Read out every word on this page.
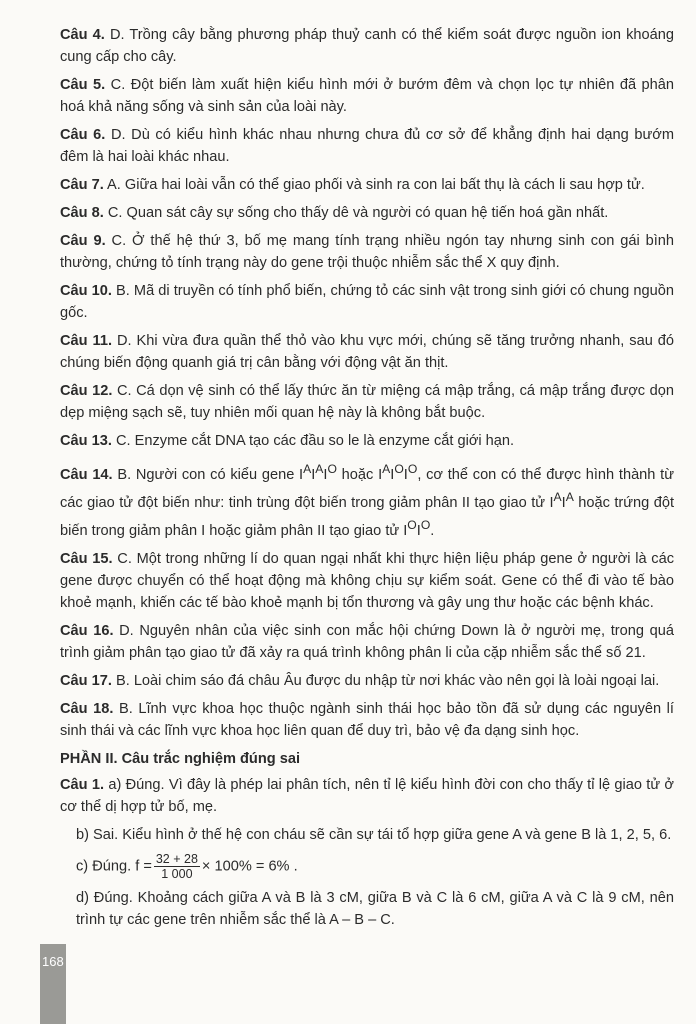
Câu 4. D. Trồng cây bằng phương pháp thuỷ canh có thể kiểm soát được nguồn ion khoáng cung cấp cho cây.

Câu 5. C. Đột biến làm xuất hiện kiểu hình mới ở bướm đêm và chọn lọc tự nhiên đã phân hoá khả năng sống và sinh sản của loài này.

Câu 6. D. Dù có kiểu hình khác nhau nhưng chưa đủ cơ sở để khẳng định hai dạng bướm đêm là hai loài khác nhau.

Câu 7. A. Giữa hai loài vẫn có thể giao phối và sinh ra con lai bất thụ là cách li sau hợp tử.

Câu 8. C. Quan sát cây sự sống cho thấy dê và người có quan hệ tiến hoá gần nhất.

Câu 9. C. Ở thế hệ thứ 3, bố mẹ mang tính trạng nhiều ngón tay nhưng sinh con gái bình thường, chứng tỏ tính trạng này do gene trội thuộc nhiễm sắc thể X quy định.

Câu 10. B. Mã di truyền có tính phổ biến, chứng tỏ các sinh vật trong sinh giới có chung nguồn gốc.

Câu 11. D. Khi vừa đưa quần thể thỏ vào khu vực mới, chúng sẽ tăng trưởng nhanh, sau đó chúng biến động quanh giá trị cân bằng với động vật ăn thịt.

Câu 12. C. Cá dọn vệ sinh có thể lấy thức ăn từ miệng cá mập trắng, cá mập trắng được dọn dẹp miệng sạch sẽ, tuy nhiên mối quan hệ này là không bắt buộc.

Câu 13. C. Enzyme cắt DNA tạo các đầu so le là enzyme cắt giới hạn.

Câu 14. B. Người con có kiểu gene $I^AI^AI^O$ hoặc $I^AI^OI^O$, cơ thể con có thể được hình thành từ các giao tử đột biến như: tinh trùng đột biến trong giảm phân II tạo giao tử $I^AI^A$ hoặc trứng đột biến trong giảm phân I hoặc giảm phân II tạo giao tử $I^OI^O$.

Câu 15. C. Một trong những lí do quan ngại nhất khi thực hiện liệu pháp gene ở người là các gene được chuyển có thể hoạt động mà không chịu sự kiểm soát. Gene có thể đi vào tế bào khoẻ mạnh, khiến các tế bào khoẻ mạnh bị tổn thương và gây ung thư hoặc các bệnh khác.

Câu 16. D. Nguyên nhân của việc sinh con mắc hội chứng Down là ở người mẹ, trong quá trình giảm phân tạo giao tử đã xảy ra quá trình không phân li của cặp nhiễm sắc thể số 21.

Câu 17. B. Loài chim sáo đá châu Âu được du nhập từ nơi khác vào nên gọi là loài ngoại lai.

Câu 18. B. Lĩnh vực khoa học thuộc ngành sinh thái học bảo tồn đã sử dụng các nguyên lí sinh thái và các lĩnh vực khoa học liên quan để duy trì, bảo vệ đa dạng sinh học.

PHẦN II. Câu trắc nghiệm đúng sai

Câu 1. a) Đúng. Vì đây là phép lai phân tích, nên tỉ lệ kiểu hình đời con cho thấy tỉ lệ giao tử ở cơ thể dị hợp tử bố, mẹ.

b) Sai. Kiểu hình ở thế hệ con cháu sẽ cần sự tái tổ hợp giữa gene A và gene B là 1, 2, 5, 6.

c) Đúng. $f = \frac{32 + 28}{1 000} \times 100\% = 6\%$ .

d) Đúng. Khoảng cách giữa A và B là 3 cM, giữa B và C là 6 cM, giữa A và C là 9 cM, nên trình tự các gene trên nhiễm sắc thể là A – B – C.

168
